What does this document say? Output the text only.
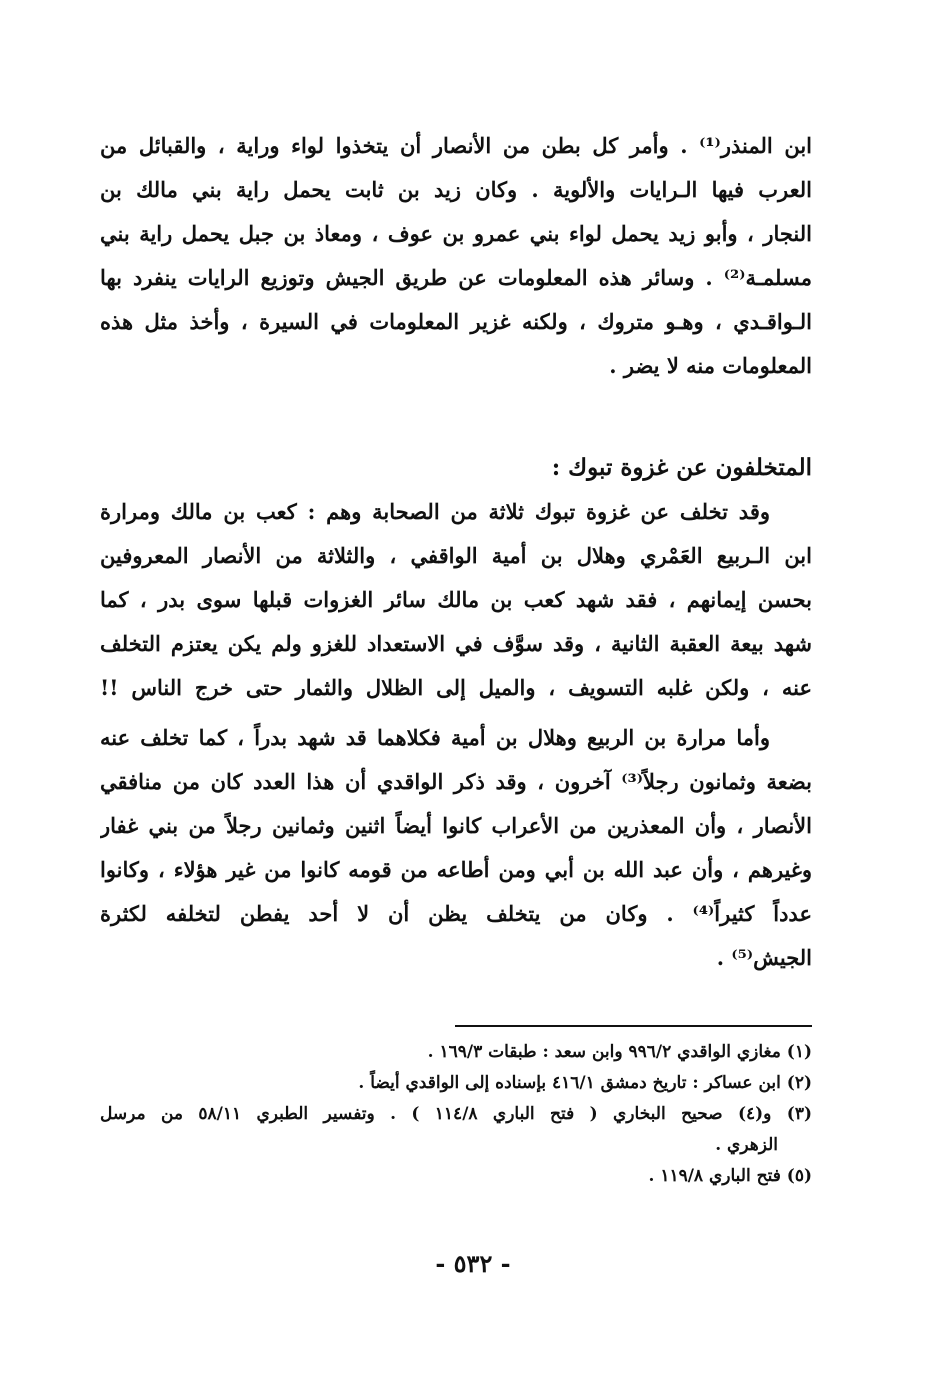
ابن المنذر⁽¹⁾ . وأمر كل بطن من الأنصار أن يتخذوا لواء وراية ، والقبائل من
العرب فيها الـرايات والألوية . وكان زيد بن ثابت يحمل راية بني مالك بن
النجار ، وأبو زيد يحمل لواء بني عمرو بن عوف ، ومعاذ بن جبل يحمل راية بني
مسلمـة⁽²⁾ . وسائر هذه المعلومات عن طريق الجيش وتوزيع الرايات ينفرد بها
الـواقـدي ، وهـو متروك ، ولكنه غزير المعلومات في السيرة ، وأخذ مثل هذه
المعلومات منه لا يضر .
المتخلفون عن غزوة تبوك :
وقد تخلف عن غزوة تبوك ثلاثة من الصحابة وهم : كعب بن مالك ومرارة
ابن الـربيع العَمْري وهلال بن أمية الواقفي ، والثلاثة من الأنصار المعروفين
بحسن إيمانهم ، فقد شهد كعب بن مالك سائر الغزوات قبلها سوى بدر ، كما
شهد بيعة العقبة الثانية ، وقد سوَّف في الاستعداد للغزو ولم يكن يعتزم التخلف
عنه ، ولكن غلبه التسويف ، والميل إلى الظلال والثمار حتى خرج الناس !!
وأما مرارة بن الربيع وهلال بن أمية فكلاهما قد شهد بدراً ، كما تخلف عنه
بضعة وثمانون رجلاً⁽³⁾ آخرون ، وقد ذكر الواقدي أن هذا العدد كان من منافقي
الأنصار ، وأن المعذرين من الأعراب كانوا أيضاً اثنين وثمانين رجلاً من بني غفار
وغيرهم ، وأن عبد الله بن أبي ومن أطاعه من قومه كانوا من غير هؤلاء ، وكانوا
عدداً كثيراً⁽⁴⁾ . وكان من يتخلف يظن أن لا أحد يفطن لتخلفه لكثرة
الجيش⁽⁵⁾ .
(١) مغازي الواقدي ٩٩٦/٢ وابن سعد : طبقات ١٦٩/٣ .
(٢) ابن عساكر : تاريخ دمشق ٤١٦/١ بإسناده إلى الواقدي أيضاً .
(٣) و(٤) صحيح البخاري ( فتح الباري ١١٤/٨ ) . وتفسير الطبري ٥٨/١١ من مرسل
الزهري .
(٥) فتح الباري ١١٩/٨ .
- ٥٣٢ -
